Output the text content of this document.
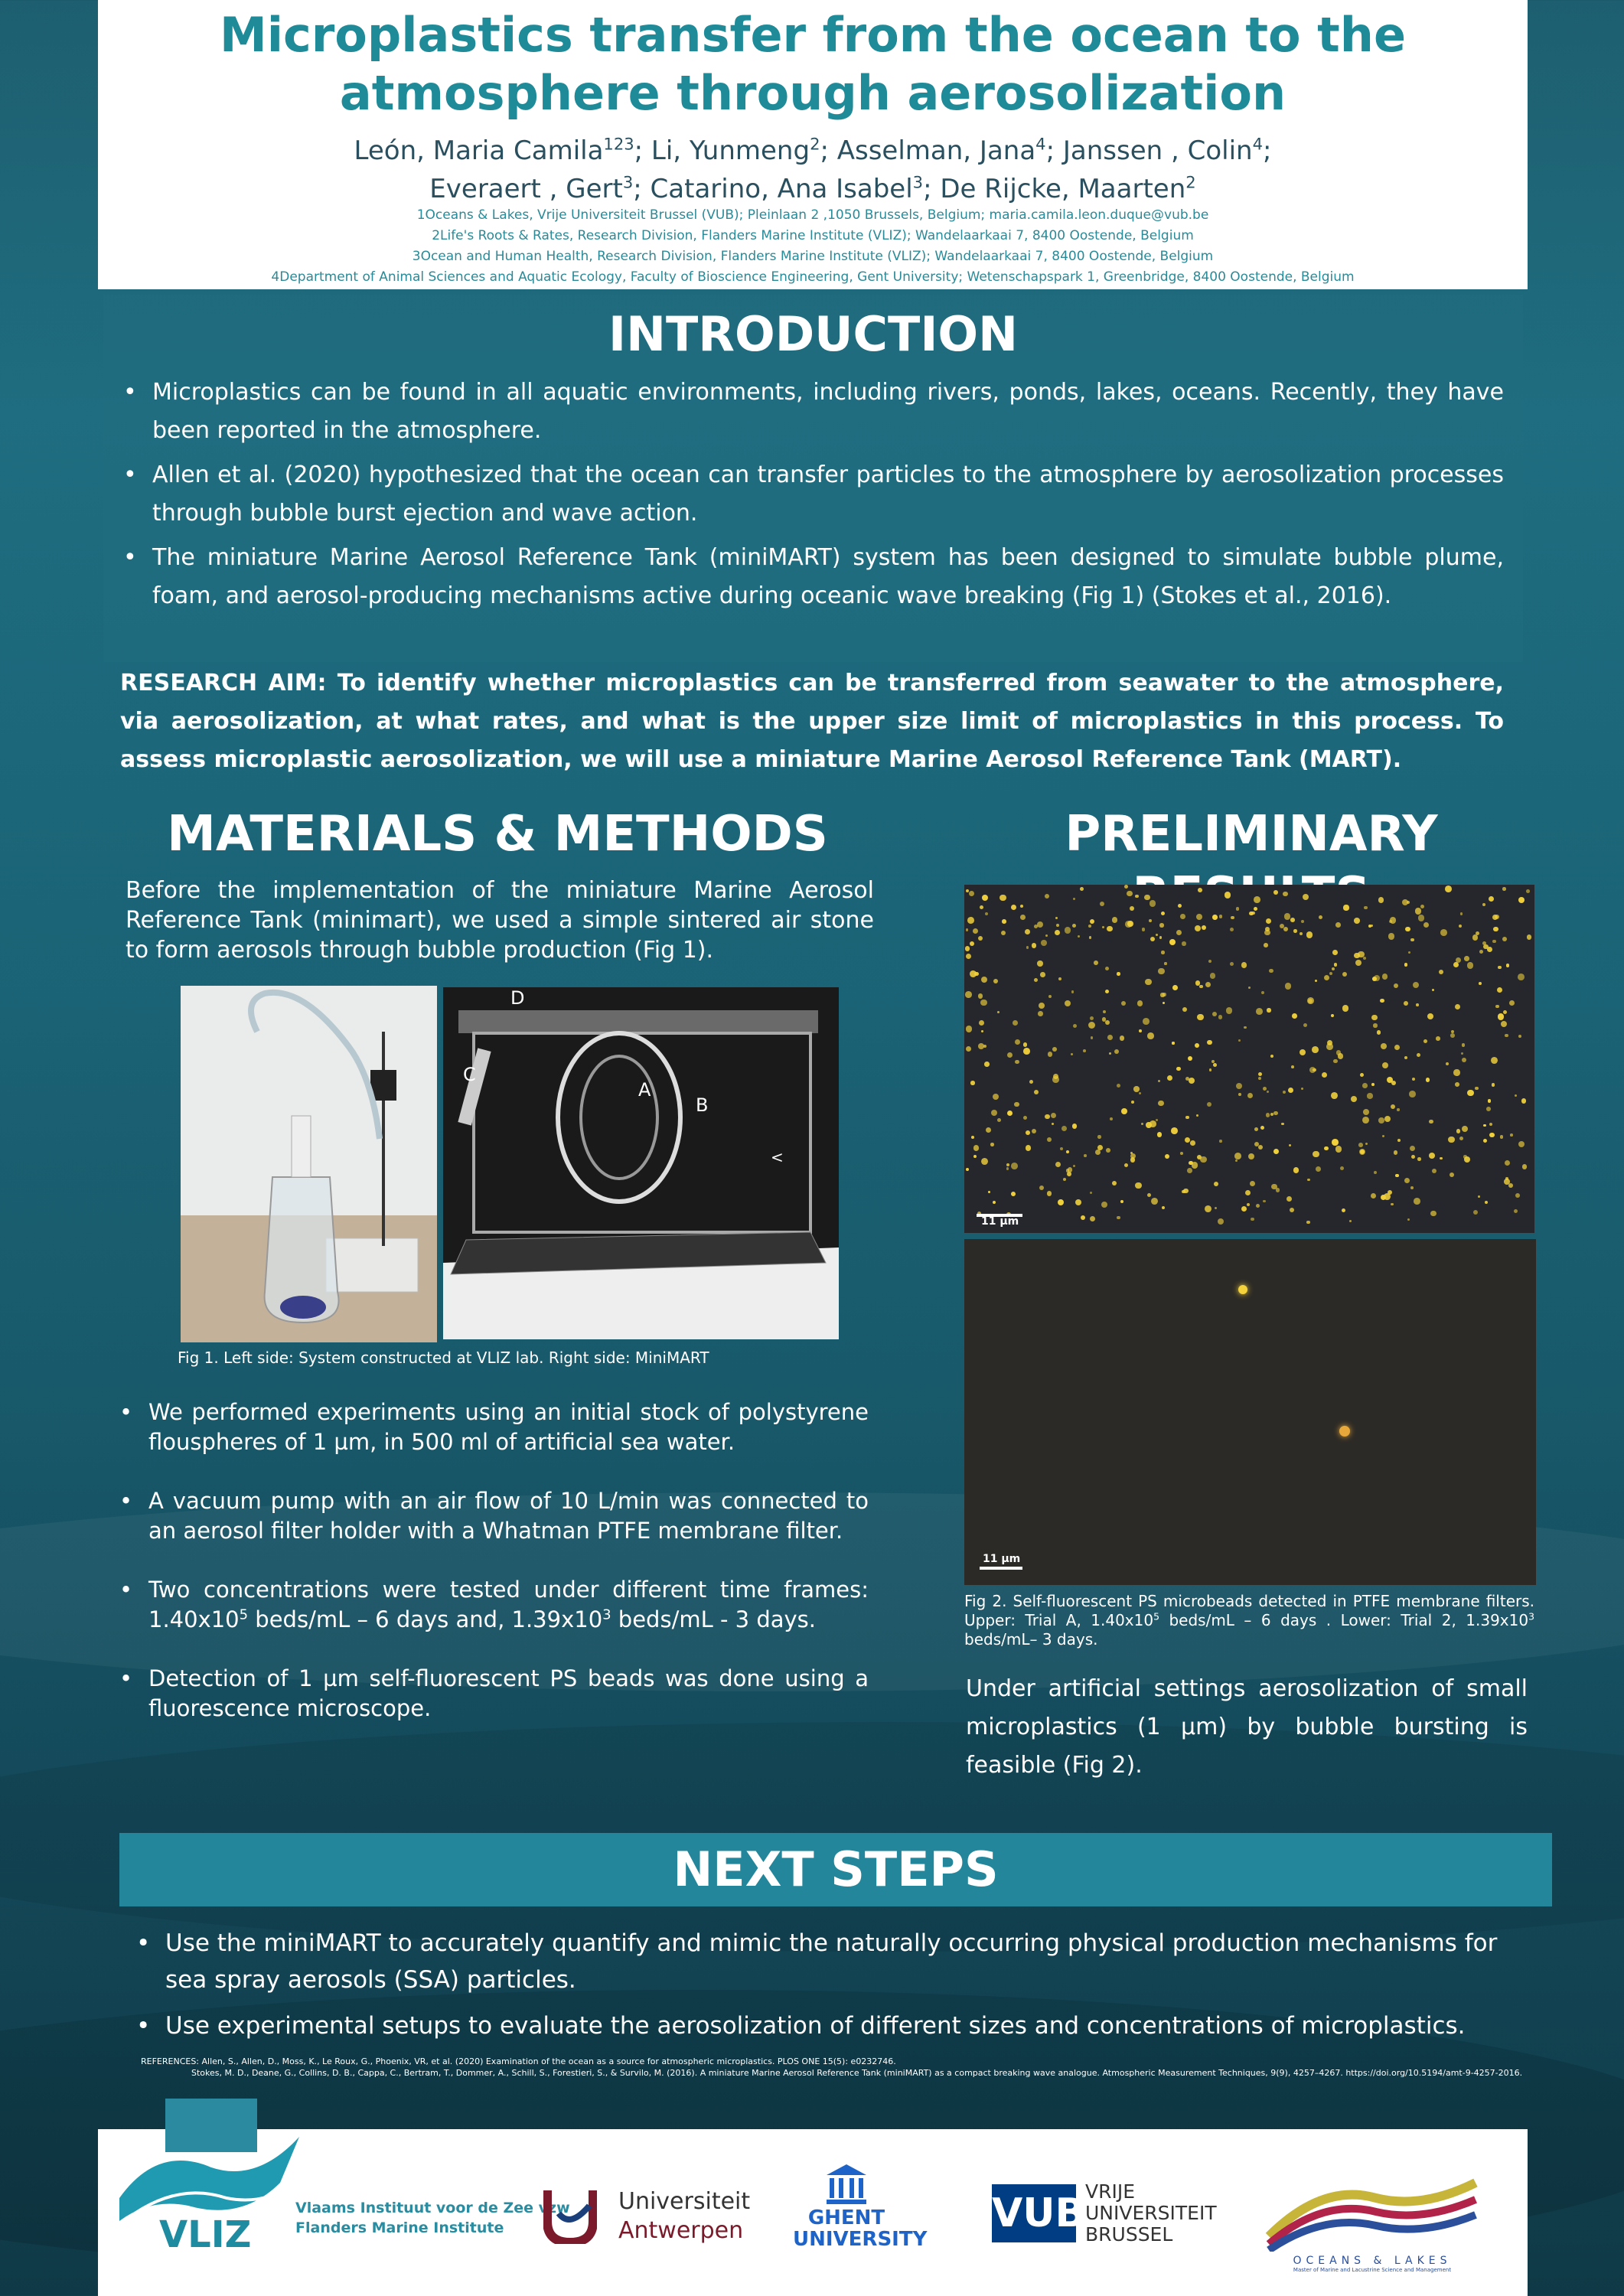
Microplastics transfer from the ocean to the
atmosphere through aerosolization
León, Maria Camila$^{123}$; Li, Yunmeng$^2$; Asselman, Jana$^4$; Janssen , Colin$^4$;
Everaert , Gert$^3$; Catarino, Ana Isabel$^3$; De Rijcke, Maarten$^2$
1Oceans & Lakes, Vrije Universiteit Brussel (VUB); Pleinlaan 2 ,1050 Brussels, Belgium; maria.camila.leon.duque@vub.be
2Life's Roots & Rates, Research Division, Flanders Marine Institute (VLIZ); Wandelaarkaai 7, 8400 Oostende, Belgium
3Ocean and Human Health, Research Division, Flanders Marine Institute (VLIZ); Wandelaarkaai 7, 8400 Oostende, Belgium
4Department of Animal Sciences and Aquatic Ecology, Faculty of Bioscience Engineering, Gent University; Wetenschapspark 1, Greenbridge, 8400 Oostende, Belgium
INTRODUCTION
• Microplastics can be found in all aquatic environments, including rivers, ponds, lakes, oceans. Recently, they have been reported in the atmosphere.
• Allen et al. (2020) hypothesized that the ocean can transfer particles to the atmosphere by aerosolization processes through bubble burst ejection and wave action.
• The miniature Marine Aerosol Reference Tank (miniMART) system has been designed to simulate bubble plume, foam, and aerosol-producing mechanisms active during oceanic wave breaking (Fig 1) (Stokes et al., 2016).
RESEARCH AIM: To identify whether microplastics can be transferred from seawater to the atmosphere, via aerosolization, at what rates, and what is the upper size limit of microplastics in this process. To assess microplastic aerosolization, we will use a miniature Marine Aerosol Reference Tank (MART).
MATERIALS & METHODS
Before the implementation of the miniature Marine Aerosol Reference Tank (minimart), we used a simple sintered air stone to form aerosols through bubble production (Fig 1).
D
A
B
C
<
Fig 1. Left side: System constructed at VLIZ lab. Right side: MiniMART
• We performed experiments using an initial stock of polystyrene flouspheres of 1 µm, in 500 ml of artificial sea water.
• A vacuum pump with an air flow of 10 L/min was connected to an aerosol filter holder with a Whatman PTFE membrane filter.
• Two concentrations were tested under different time frames: $1.40x10^5$ beds/mL – 6 days and, $1.39x10^3$ beds/mL - 3 days.
• Detection of 1 µm self-fluorescent PS beads was done using a fluorescence microscope.
PRELIMINARY
11 µm
11 µm
Fig 2. Self-fluorescent PS microbeads detected in PTFE membrane filters. Upper: Trial A, $1.40x10^5$ beds/mL – 6 days . Lower: Trial 2, $1.39x10^3$ beds/mL– 3 days.
Under artificial settings aerosolization of small microplastics (1 µm) by bubble bursting is feasible (Fig 2).
NEXT STEPS
• Use the miniMART to accurately quantify and mimic the naturally occurring physical production mechanisms for sea spray aerosols (SSA) particles.
• Use experimental setups to evaluate the aerosolization of different sizes and concentrations of microplastics.
REFERENCES: Allen, S., Allen, D., Moss, K., Le Roux, G., Phoenix, VR, et al. (2020) Examination of the ocean as a source for atmospheric microplastics. PLOS ONE 15(5): e0232746.
Stokes, M. D., Deane, G., Collins, D. B., Cappa, C., Bertram, T., Dommer, A., Schill, S., Forestieri, S., & Survilo, M. (2016). A miniature Marine Aerosol Reference Tank (miniMART) as a compact breaking wave analogue. Atmospheric Measurement Techniques, 9(9), 4257–4267. https://doi.org/10.5194/amt-9-4257-2016.
VLIZ
Vlaams Instituut voor de Zee vzw
Flanders Marine Institute
Universiteit
Antwerpen	GHENT
UNIVERSITY
VUB VRIJE
UNIVERSITEIT
BRUSSEL
OCEANS & LAKES
Master of Marine and Lacustrine Science and Management
